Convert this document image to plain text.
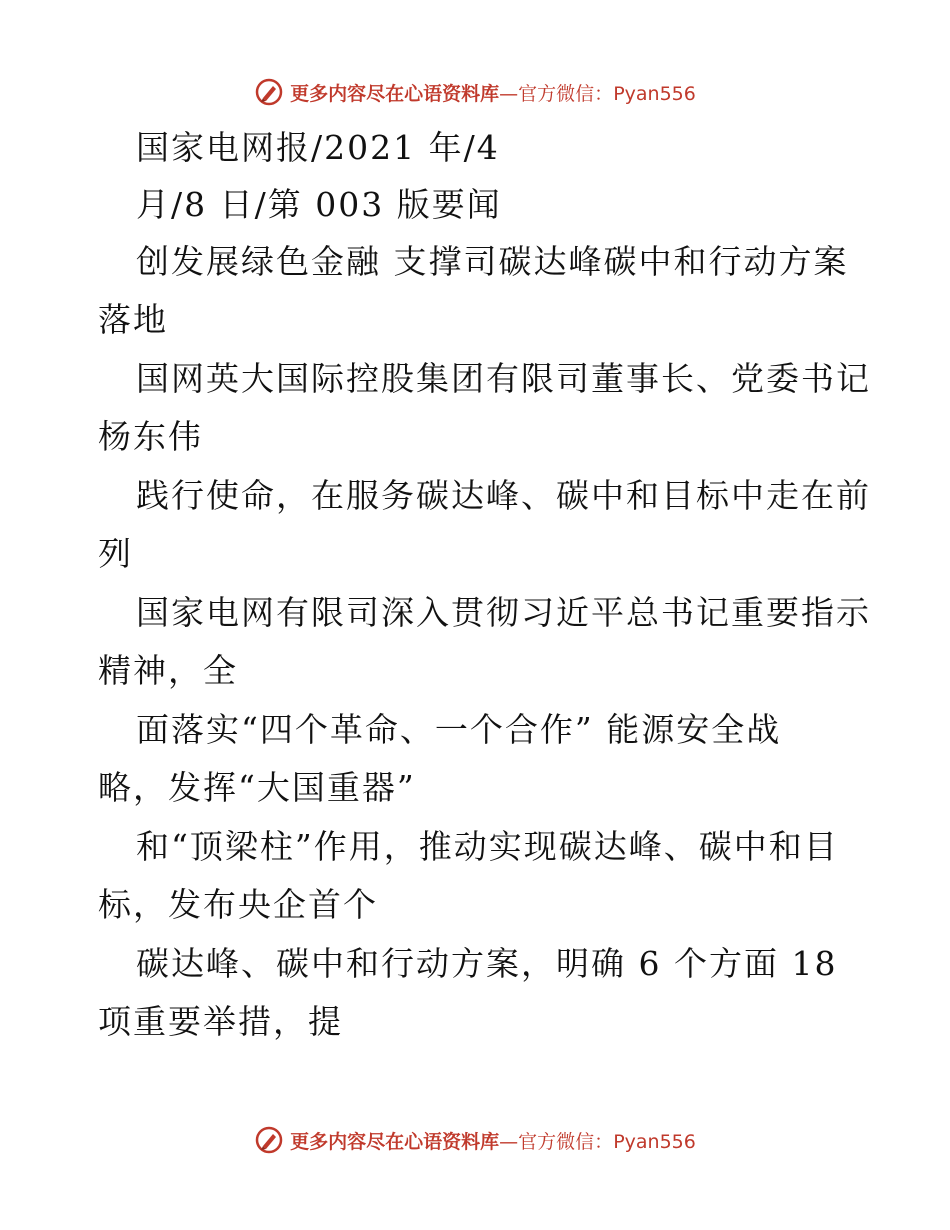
更多内容尽在心语资料库—官方微信：Pyan556
国家电网报/2021 年/4
月/8 日/第 003 版要闻
创发展绿色金融 支撑司碳达峰碳中和行动方案
落地
国网英大国际控股集团有限司董事长、党委书记
杨东伟
践行使命，在服务碳达峰、碳中和目标中走在前
列
国家电网有限司深入贯彻习近平总书记重要指示
精神，全
面落实“四个革命、一个合作” 能源安全战
略，发挥“大国重器”
和“顶梁柱”作用，推动实现碳达峰、碳中和目
标，发布央企首个
碳达峰、碳中和行动方案，明确 6 个方面 18
项重要举措，提
更多内容尽在心语资料库—官方微信：Pyan556
